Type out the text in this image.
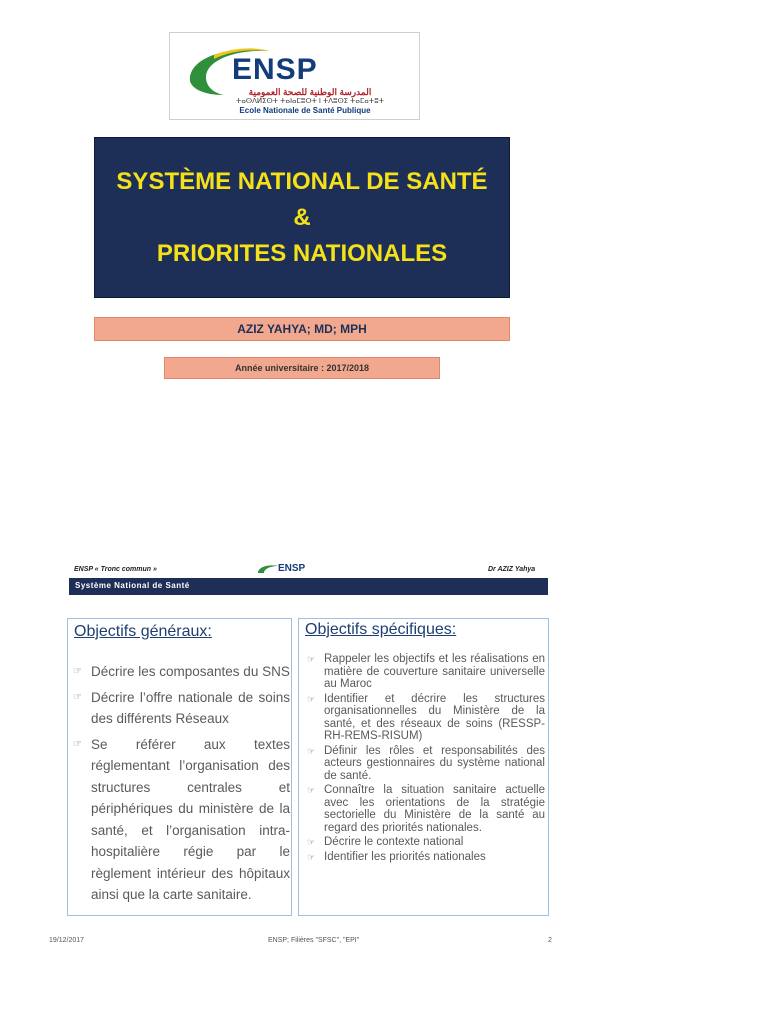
ENSP
المدرسة الوطنية للصحة العمومية
ⵜⴰⵙⴷⵍⵉⵙⵜ ⵜⴰⵏⴰⵎⵓⵔⵜ ⵏ ⵜⴷⵓⵙⵉ ⵜⴰⵎⴰⵜⵓⵜ
Ecole Nationale de Santé Publique
SYSTÈME NATIONAL DE SANTÉ
&
PRIORITES NATIONALES
AZIZ YAHYA; MD; MPH
Année universitaire : 2017/2018
ENSP « Tronc commun »	ENSP	Dr AZIZ Yahya
Système National de Santé
Objectifs généraux:
☞ Décrire les composantes du SNS
☞ Décrire l’offre nationale de soins des différents Réseaux
☞ Se référer aux textes réglementant l’organisation des structures centrales et périphériques du ministère de la santé, et l’organisation intra-hospitalière régie par le règlement intérieur des hôpitaux ainsi que la carte sanitaire.
Objectifs spécifiques:
☞ Rappeler les objectifs et les réalisations en matière de couverture sanitaire universelle au Maroc
☞ Identifier et décrire les structures organisationnelles du Ministère de la santé, et des réseaux de soins (RESSP-RH-REMS-RISUM)
☞ Définir les rôles et responsabilités des acteurs gestionnaires du système national de santé.
☞ Connaître la situation sanitaire actuelle avec les orientations de la stratégie sectorielle du Ministère de la santé au regard des priorités nationales.
☞ Décrire le contexte national
☞ Identifier les priorités nationales
19/12/2017	ENSP; Filières "SFSC", "EPI"	2
